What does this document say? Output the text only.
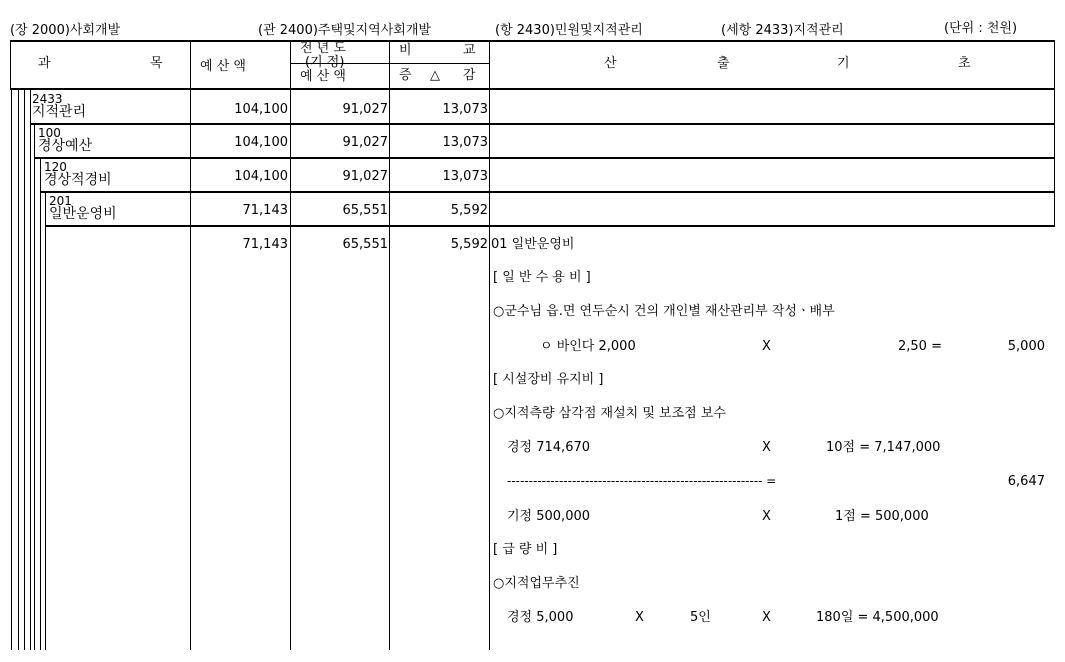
(장 2000)사회개발	(관 2400)주택및지역사회개발	(항 2430)민원및지적관리	(세항 2433)지적관리	(단위 : 천원)
과	목	예 산 액
전 년 도
(기 정)
예 산 액
비	교
증 △ 감
산	출	기	초
2433
지적관리	104,100	91,027	13,073
100
경상예산	104,100	91,027	13,073
120
경상적경비	104,100	91,027	13,073
201
일반운영비	71,143	65,551	5,592
71,143	65,551	5,592 01 일반운영비
[ 일 반 수 용 비 ]
○군수님 읍.면 연두순시 건의 개인별 재산관리부 작성ㆍ배부
ㅇ 바인다 2,000	X	2,50 =	5,000
[ 시설장비 유지비 ]
○지적측량 삼각점 재설치 및 보조점 보수
경정 714,670	X	10점 = 7,147,000
----------------------------------------------------------- =	6,647
기정 500,000	X	1점 = 500,000
[ 급 량 비 ]
○지적업무추진
경정 5,000	X	5인	X	180일 = 4,500,000
